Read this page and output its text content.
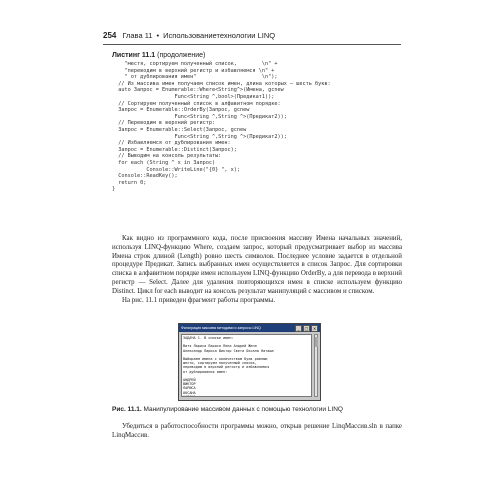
254 Глава 11 • Использованиетехнологии LINQ
Листинг 11.1 (продолжение)
"местя, сортируем полученный список,        \n" +
"переводим в верхний регистр и избавляемся \n" +
" от дублирования имен"                     \n");
// Из массива имен получаем список имен, длина которых — шесть букв:
auto Запрос = Enumerable::Where<String^>(Имена, gcnew
Func<String ^,bool>(Предикат1));
// Сортируем полученный список в алфавитном порядке:
Запрос = Enumerable::OrderBy(Запрос, gcnew
Func<String ^,String ^>(Предикат2));
// Переводим в верхний регистр:
Запрос = Enumerable::Select(Запрос, gcnew
Func<String ^,String ^>(Предикат2));
// Избавляемся от дублирования имен:
Запрос = Enumerable::Distinct(Запрос);
// Выводим на консоль результаты:
for each (String ^ x in Запрос)
Console::WriteLine("{0} ", x);
Console::ReadKey();
return 0;
}

Как видно из программного кода, после присвоения массиву Имена начальных значений, используя LINQ-функцию Where, создаем запрос, который предусматривает выбор из массива Имена строк длиной (Length) ровно шесть символов. Последнее условие задается в отдельной процедуре Предикат. Запись выбранных имен осуществляется в список Запрос. Для сортировки списка в алфавитном порядке имен используем LINQ-функцию OrderBy, а для перевода в верхний регистр — Select. Далее для удаления повторяющихся имен в списке используем функцию Distinct. Цикл for each выводит на консоль результат манипуляций с массивом и списком.

На рис. 11.1 приведен фрагмент работы программы.

Фильтрация массива методами и запросы LINQ	_	□	×
ЗАДАЧА 1. В списке имен:
Витя Лариса Лариса Лена Андрей Женя
Александр Лариса Виктор Света Оксана Наташа
Выбираем имена с количеством букв равным
шести, сортируем полученный список,
переводим в верхний регистр и избавляемся
от дублирования имен:
АНДРЕЙ
ВИКТОР
ЛАРИСА
ОКСАНА
НАТАША
Рис. 11.1. Манипулирование массивом данных с помощью технологии LINQ

Убедиться в работоспособности программы можно, открыв решение LinqМассив.sln в папке LinqМассив.
